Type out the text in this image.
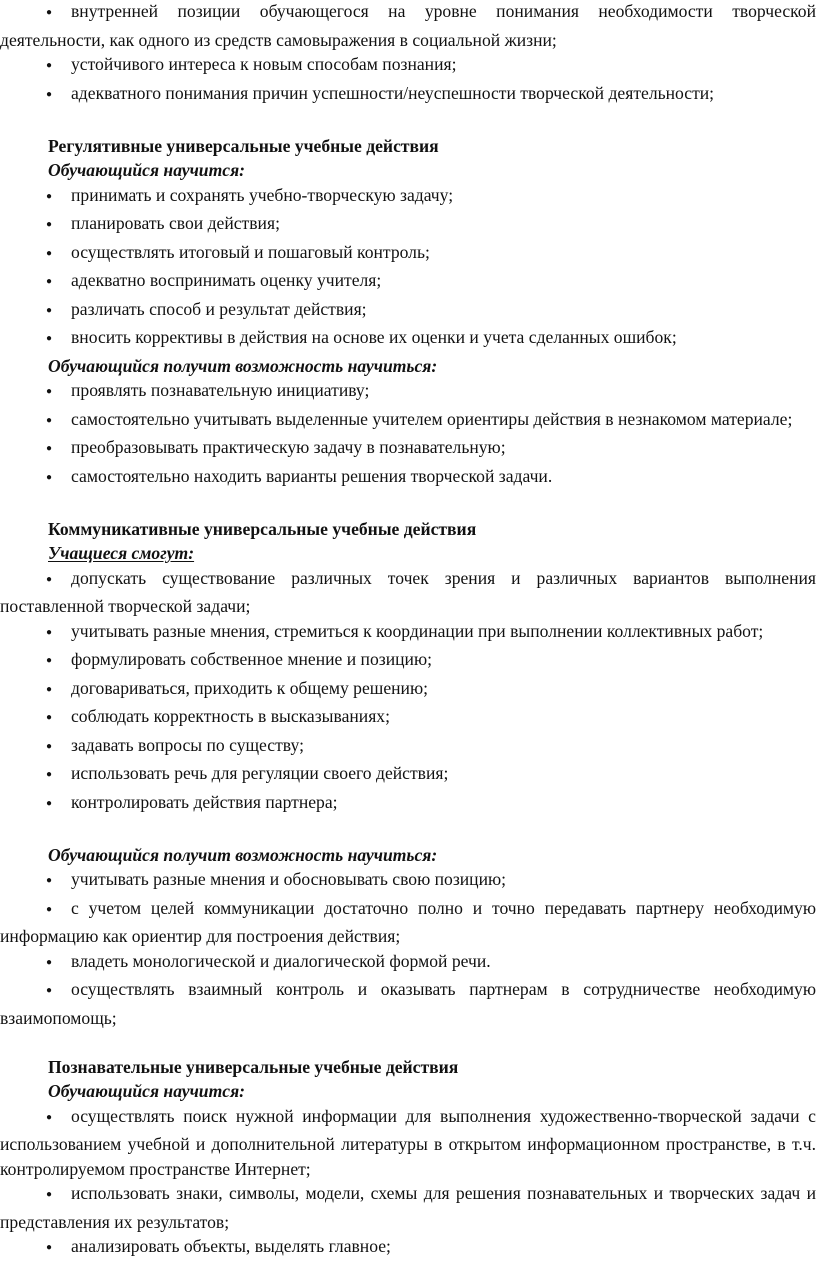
●внутренней позиции обучающегося на уровне понимания необходимости творческой деятельности, как одного из средств самовыражения в социальной жизни;
●устойчивого интереса к новым способам познания;
●адекватного понимания причин успешности/неуспешности творческой деятельности;
Регулятивные универсальные учебные действия
Обучающийся научится:
●принимать и сохранять учебно-творческую задачу;
●планировать свои действия;
●осуществлять итоговый и пошаговый контроль;
●адекватно воспринимать оценку учителя;
●различать способ и результат действия;
●вносить коррективы в действия на основе их оценки и учета сделанных ошибок;
Обучающийся получит возможность научиться:
●проявлять познавательную инициативу;
●самостоятельно учитывать выделенные учителем ориентиры действия в незнакомом материале;
●преобразовывать практическую задачу в познавательную;
●самостоятельно находить варианты решения творческой задачи.
Коммуникативные универсальные учебные действия
Учащиеся смогут:
●допускать существование различных точек зрения и различных вариантов выполнения поставленной творческой задачи;
●учитывать разные мнения, стремиться к координации при выполнении коллективных работ;
●формулировать собственное мнение и позицию;
●договариваться, приходить к общему решению;
●соблюдать корректность в высказываниях;
●задавать вопросы по существу;
●использовать речь для регуляции своего действия;
●контролировать действия партнера;
Обучающийся получит возможность научиться:
●учитывать разные мнения и обосновывать свою позицию;
●с учетом целей коммуникации достаточно полно и точно передавать партнеру необходимую информацию как ориентир для построения действия;
●владеть монологической и диалогической формой речи.
●осуществлять взаимный контроль и оказывать партнерам в сотрудничестве необходимую взаимопомощь;
Познавательные универсальные учебные действия
Обучающийся научится:
●осуществлять поиск нужной информации для выполнения художественно-творческой задачи с использованием учебной и дополнительной литературы в открытом информационном пространстве, в т.ч. контролируемом пространстве Интернет;
●использовать знаки, символы, модели, схемы для решения познавательных и творческих задач и представления их результатов;
●анализировать объекты, выделять главное;
